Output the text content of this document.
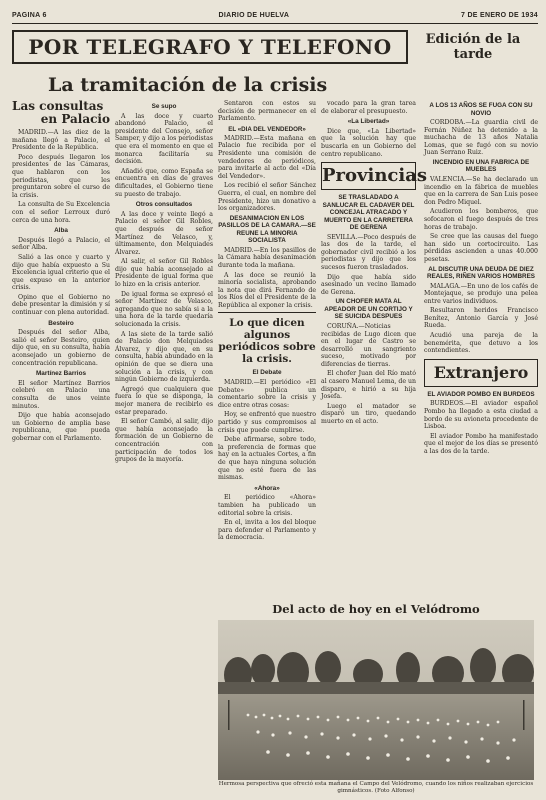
PAGINA 6	DIARIO DE HUELVA	7 DE ENERO DE 1934
POR TELEGRAFO Y TELEFONO	Edición de la tarde
La tramitación de la crisis
Las consultas
en Palacio

MADRID.—A las diez de la mañana llegó a Palacio, el Presidente de la República.

Poco después llegaron los presidentes de las Cámaras, que hablaron con los periodistas, que les preguntaron sobre el curso de la crisis.

La consulta de Su Excelencia con el señor Lerroux duró cerca de una hora.

Alba

Después llegó a Palacio, el señor Alba.

Salió a las once y cuarto y dijo que había expuesto a Su Excelencia igual criterio que el que expuso en la anterior crisis.

Opino que el Gobierno no debe presentar la dimisión y sí continuar con plena autoridad.

Besteiro

Después del señor Alba, salió el señor Besteiro, quien dijo que, en su consulta, había aconsejado un gobierno de concentración republicana.

Martínez Barrios

El señor Martínez Barrios celebró en Palacio una consulta de unos veinte minutos.

Dijo que había aconsejado un Gobierno de amplia base republicana, que pueda gobernar con el Parlamento.

Se supo

A las doce y cuarto abandonó Palacio, el presidente del Consejo, señor Samper, y dijo a los periodistas que era el momento en que el monarca facilitaría su decisión.

Añadió que, como España se encuentra en días de graves dificultades, el Gobierno tiene su puesto de trabajo.

Otros consultados

A las doce y veinte llegó a Palacio el señor Gil Robles, que después de señor Martínez de Velasco, y, últimamente, don Melquiades Álvarez.

Al salir, el señor Gil Robles dijo que había aconsejado al Presidente de igual forma que lo hizo en la crisis anterior.

De igual forma se expresó el señor Martínez de Velasco, agregando que no sabía si a la una hora de la tarde quedaría solucionada la crisis.

A las siete de la tarde salió de Palacio don Melquiades Álvarez, y dijo que, en su consulta, había abundado en la opinión de que se diera una solución a la crisis, y con ningún Gobierno de izquierda.

Agregó que cualquiera que fuera lo que se disponga, la mejor manera de recibirlo es estar preparado.

El señor Cambó, al salir, dijo que había aconsejado la formación de un Gobierno de concentración con participación de todos los grupos de la mayoría.

Sentaron con estos su decisión de permanecer en el Parlamento.

EL «DIA DEL VENDEDOR»

MADRID.—Esta mañana en Palacio fue recibida por el Presidente una comisión de vendedores de periódicos, para invitarle al acto del «Día del Vendedor».

Los recibió el señor Sánchez Guerra, el cual, en nombre del Presidente, hizo un donativo a los organizadores.

DESANIMACION EN LOS PASILLOS DE LA CAMARA.—SE REUNE LA MINORIA SOCIALISTA

MADRID.—En los pasillos de la Cámara había desanimación durante toda la mañana.

A las doce se reunió la minoría socialista, aprobando la nota que dirá Fernando de los Ríos del el Presidente de la República al exponer la crisis.

Lo que dicen algunos periódicos sobre la crisis.
El Debate

MADRID.—El periódico «El Debate» publica un comentario sobre la crisis y dice entre otras cosas:

Hoy, se enfrentó que nuestro partido y sus compromisos al crisis que puede cumplirse.

Debe afirmarse, sobre todo, la preferencia de formas que hay en la actuales Cortes, a fin de que haya ninguna solución que no esté fuera de las mismas.

«Ahora»

El periódico «Ahora» tambien ha publicado un editorial sobre la crisis.

En el, invita a los del bloque para defender el Parlamento y la democracia.

vocado para la gran tarea de elaborar el presupuesto.

«La Libertad»

Dice que, «La Libertad» que la solución hay que buscarla en un Gobierno del centro republicano.

Provincias
SE TRASLADADO A SANLUCAR EL CADAVER DEL CONCEJAL ATRACADO Y MUERTO EN LA CARRETERA DE GERENA

SEVILLA.—Poco después de las dos de la tarde, el gobernador civil recibió a los periodistas y dijo que los sucesos fueron trasladados.

Dijo que había sido asesinado un vecino llamado de Gerena.

UN CHOFER MATA AL APEADOR DE UN CORTIJO Y SE SUICIDA DESPUES

CORUÑA.—Noticias recibidas de Lugo dicen que en el lugar de Castro se desarrolló un sangriento suceso, motivado por diferencias de tierras.

El chofer Juan del Río mató al casero Manuel Lema, de un disparo, e hirió a su hija Josefa.

Luego el matador se disparó un tiro, quedando muerto en el acto.

A LOS 13 AÑOS SE FUGA CON SU NOVIO

CORDOBA.—La guardia civil de Fernán Núñez ha detenido a la muchacha de 13 años Natalia Lomas, que se fugó con su novio Juan Serrano Ruiz.

INCENDIO EN UNA FABRICA DE MUEBLES

VALENCIA.—Se ha declarado un incendio en la fábrica de muebles que en la carrera de San Luis posee don Pedro Miquel.

Acudieron los bomberos, que sofocaron el fuego después de tres horas de trabajo.

Se cree que las causas del fuego han sido un cortocircuito. Las pérdidas ascienden a unas 40.000 pesetas.

AL DISCUTIR UNA DEUDA DE DIEZ REALES, RIÑEN VARIOS HOMBRES

MALAGA.—En uno de los cafés de Montejaque, se produjo una pelea entre varios individuos.

Resultaron heridos Francisco Benítez, Antonio García y José Rueda.

Acudió una pareja de la benemérita, que detuvo a los contendientes.

Extranjero
EL AVIADOR POMBO EN BURDEOS

BURDEOS.—El aviador español Pombo ha llegado a esta ciudad a bordo de su avioneta procedente de Lisboa.

El aviador Pombo ha manifestado que el mejor de los días se presentó a las dos de la tarde.

Del acto de hoy en el Velódromo
Hermosa perspectiva que ofreció esta mañana el Campo del Velódromo, cuando los niños realizaban ejercicios gimnásticos. (Foto Alfonso)
